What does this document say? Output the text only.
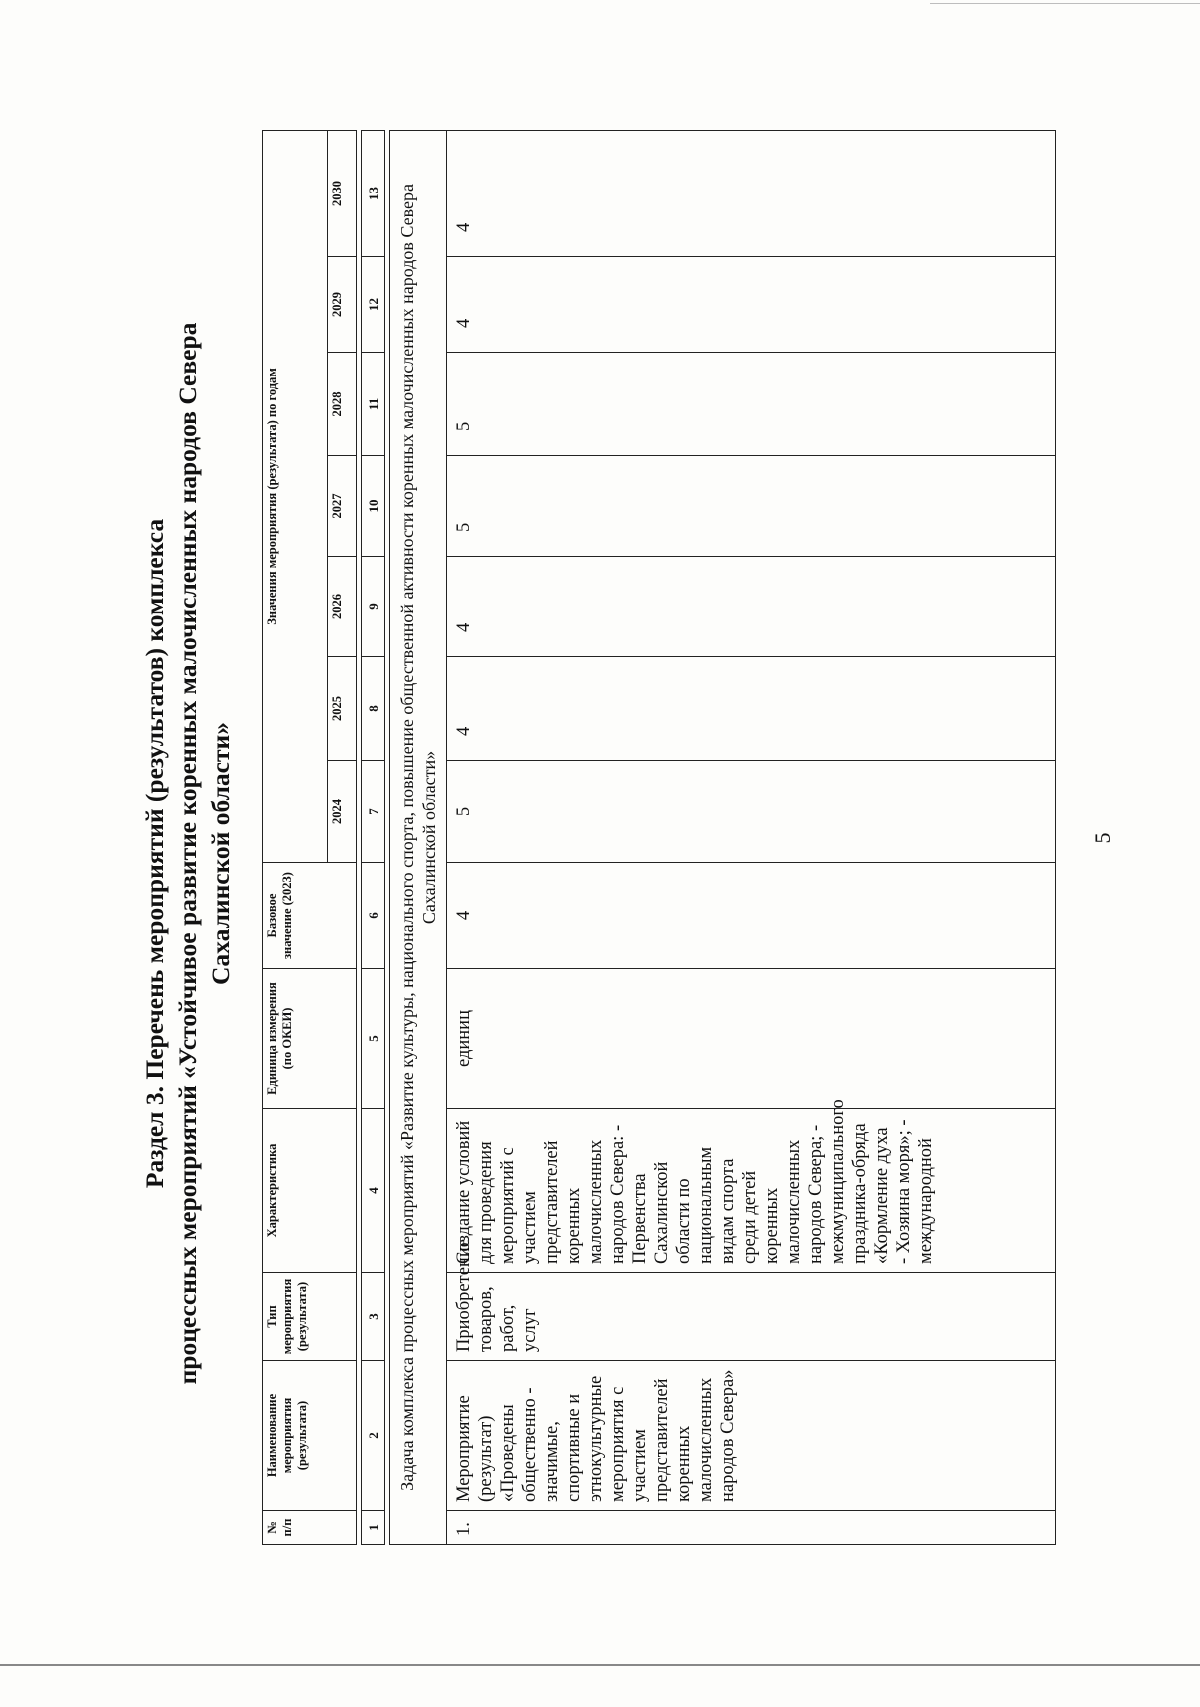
5
Раздел 3. Перечень мероприятий (результатов) комплекса процессных мероприятий «Устойчивое развитие коренных малочисленных народов Севера Сахалинской области»
№ п/п	Наименование мероприятия (результата)	Тип мероприятия (результата)	Характеристика	Единица измерения (по ОКЕИ)	Базовое значение (2023)	Значения мероприятия (результата) по годам						
						2024	2025	2026	2027	2028	2029	2030

1	2	3	4	5	6	7	8	9	10	11	12	13

Задача комплекса процессных мероприятий «Развитие культуры, национального спорта, повышение общественной активности коренных малочисленных народов Севера Сахалинской области»												
1.	Мероприятие (результат) «Проведены общественно - значимые, спортивные и этнокультурные мероприятия с участием представителей коренных малочисленных народов Севера»	Приобретение товаров, работ, услуг	Создание условий для проведения мероприятий с участием представителей коренных малочисленных народов Севера: - Первенства Сахалинской области по национальным видам спорта среди детей коренных малочисленных народов Севера; - межмуниципального праздника-обряда «Кормление духа - Хозяина моря»; - международной	единиц	4	5	4	4	5	5	4	4
